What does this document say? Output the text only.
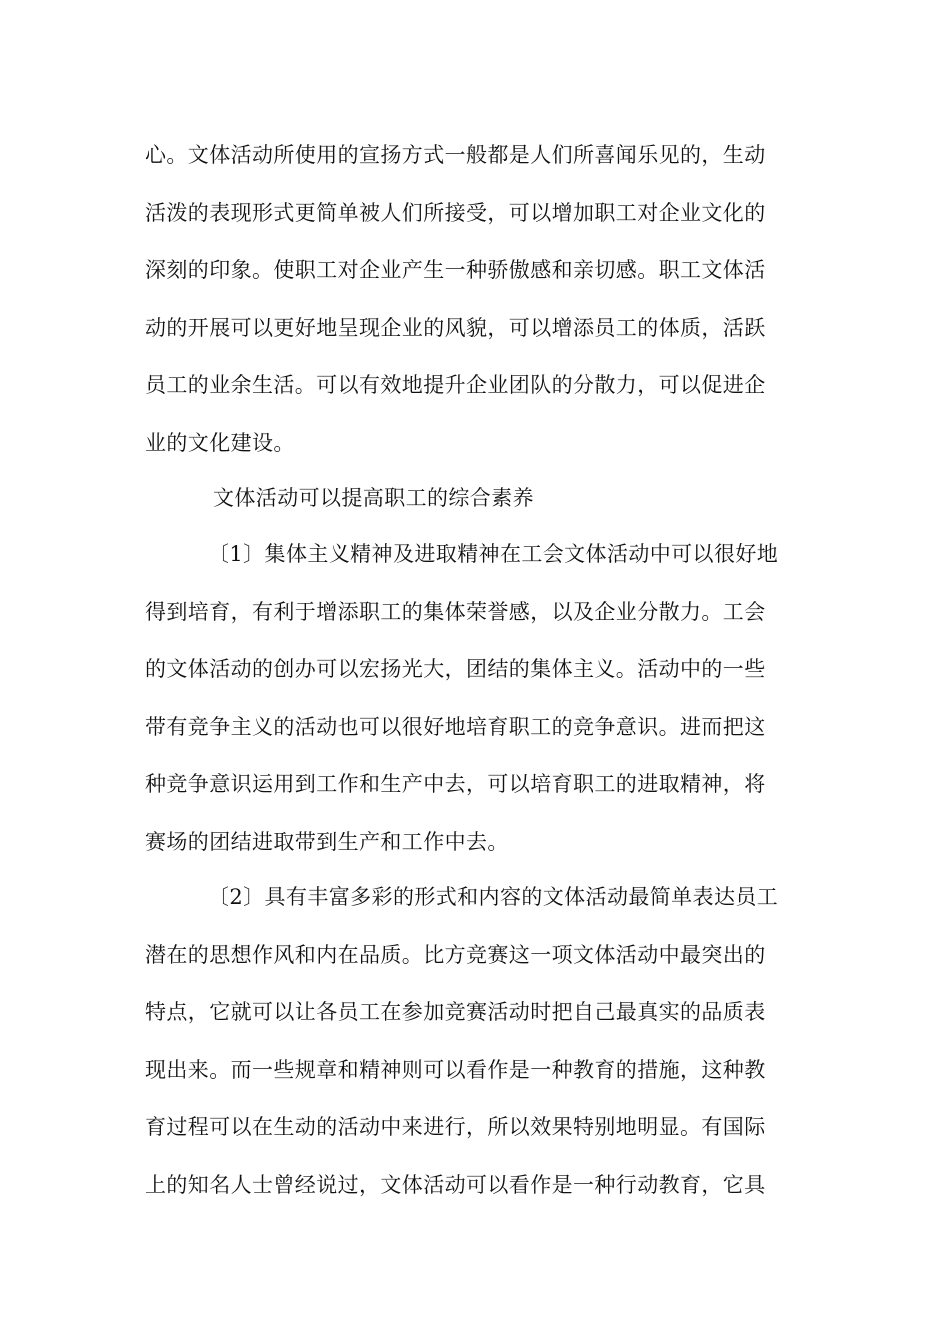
心。文体活动所使用的宣扬方式一般都是人们所喜闻乐见的，生动
活泼的表现形式更简单被人们所接受，可以增加职工对企业文化的
深刻的印象。使职工对企业产生一种骄傲感和亲切感。职工文体活
动的开展可以更好地呈现企业的风貌，可以增添员工的体质，活跃
员工的业余生活。可以有效地提升企业团队的分散力，可以促进企
业的文化建设。
文体活动可以提高职工的综合素养
〔1〕集体主义精神及进取精神在工会文体活动中可以很好地
得到培育，有利于增添职工的集体荣誉感，以及企业分散力。工会
的文体活动的创办可以宏扬光大，团结的集体主义。活动中的一些
带有竞争主义的活动也可以很好地培育职工的竞争意识。进而把这
种竞争意识运用到工作和生产中去，可以培育职工的进取精神，将
赛场的团结进取带到生产和工作中去。
〔2〕具有丰富多彩的形式和内容的文体活动最简单表达员工
潜在的思想作风和内在品质。比方竞赛这一项文体活动中最突出的
特点，它就可以让各员工在参加竞赛活动时把自己最真实的品质表
现出来。而一些规章和精神则可以看作是一种教育的措施，这种教
育过程可以在生动的活动中来进行，所以效果特别地明显。有国际
上的知名人士曾经说过，文体活动可以看作是一种行动教育，它具
